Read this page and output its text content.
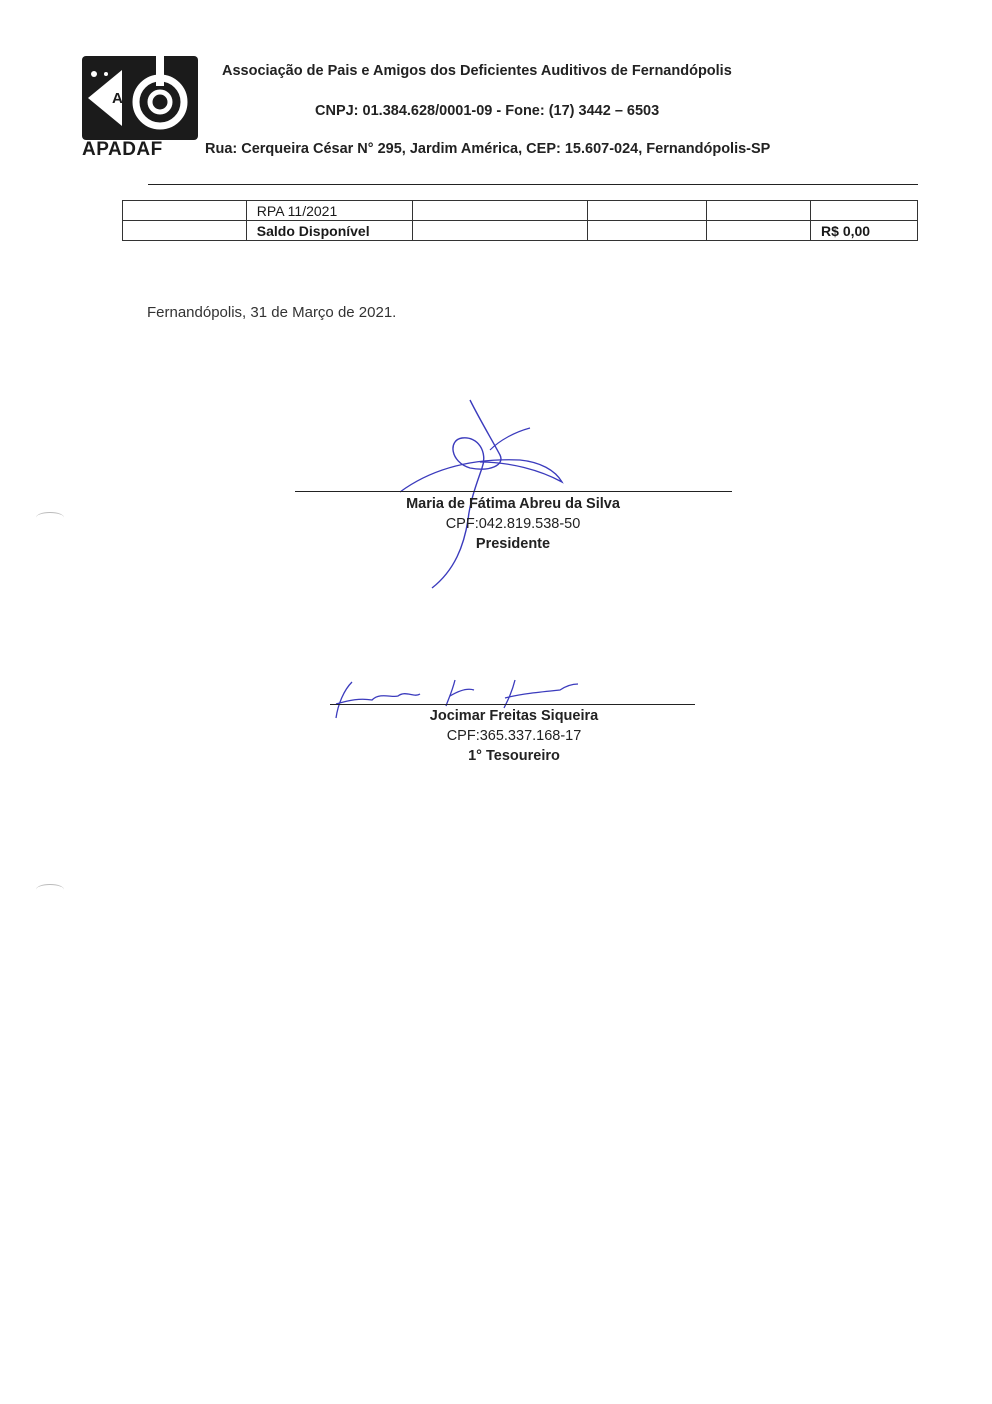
A
APADAF
Associação de Pais e Amigos dos Deficientes Auditivos de Fernandópolis
CNPJ: 01.384.628/0001-09 - Fone: (17) 3442 – 6503
Rua: Cerqueira César N° 295, Jardim América, CEP: 15.607-024, Fernandópolis-SP
	RPA 11/2021				
	Saldo Disponível				R$ 0,00
Fernandópolis, 31 de Março de 2021.
Maria de Fátima Abreu da Silva
CPF:042.819.538-50
Presidente
Jocimar Freitas Siqueira
CPF:365.337.168-17
1° Tesoureiro
